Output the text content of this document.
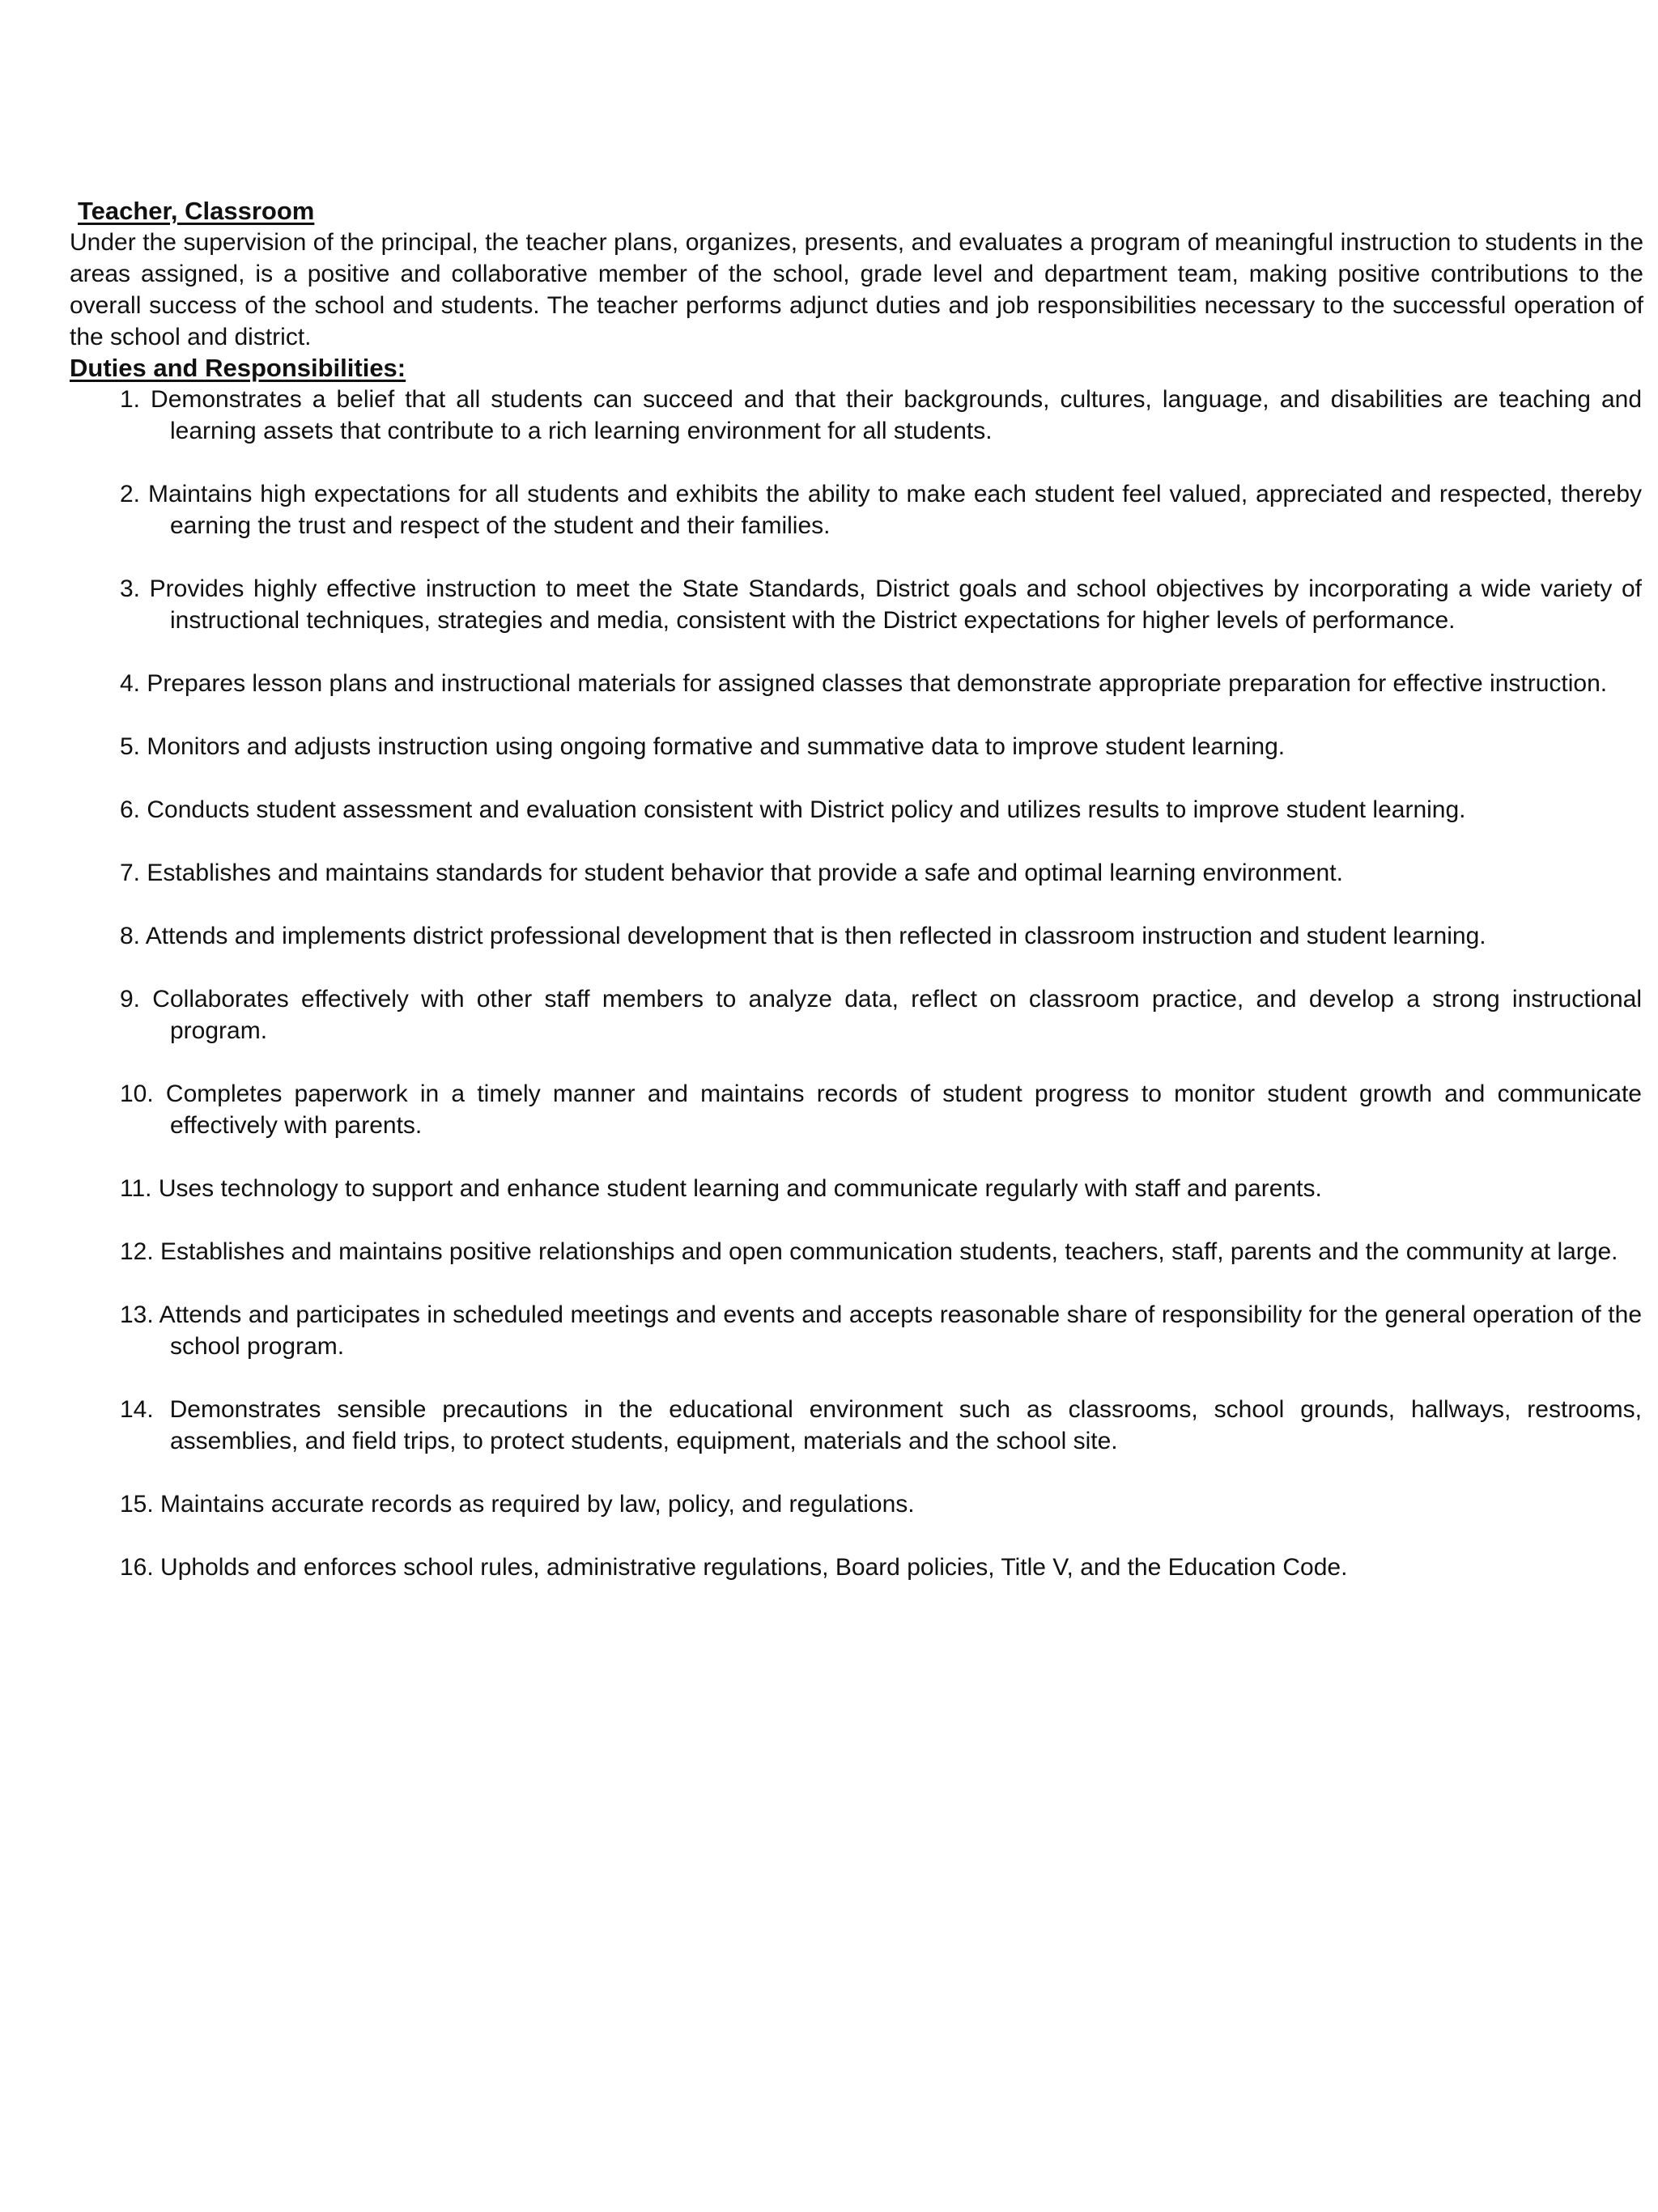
Teacher, Classroom
Under the supervision of the principal, the teacher plans, organizes, presents, and evaluates a program of meaningful instruction to students in the areas assigned, is a positive and collaborative member of the school, grade level and department team, making positive contributions to the overall success of the school and students. The teacher performs adjunct duties and job responsibilities necessary to the successful operation of the school and district.
Duties and Responsibilities:
1. Demonstrates a belief that all students can succeed and that their backgrounds, cultures, language, and disabilities are teaching and learning assets that contribute to a rich learning environment for all students.
2. Maintains high expectations for all students and exhibits the ability to make each student feel valued, appreciated and respected, thereby earning the trust and respect of the student and their families.
3. Provides highly effective instruction to meet the State Standards, District goals and school objectives by incorporating a wide variety of instructional techniques, strategies and media, consistent with the District expectations for higher levels of performance.
4. Prepares lesson plans and instructional materials for assigned classes that demonstrate appropriate preparation for effective instruction.
5. Monitors and adjusts instruction using ongoing formative and summative data to improve student learning.
6. Conducts student assessment and evaluation consistent with District policy and utilizes results to improve student learning.
7. Establishes and maintains standards for student behavior that provide a safe and optimal learning environment.
8. Attends and implements district professional development that is then reflected in classroom instruction and student learning.
9. Collaborates effectively with other staff members to analyze data, reflect on classroom practice, and develop a strong instructional program.
10. Completes paperwork in a timely manner and maintains records of student progress to monitor student growth and communicate effectively with parents.
11. Uses technology to support and enhance student learning and communicate regularly with staff and parents.
12. Establishes and maintains positive relationships and open communication students, teachers, staff, parents and the community at large.
13. Attends and participates in scheduled meetings and events and accepts reasonable share of responsibility for the general operation of the school program.
14. Demonstrates sensible precautions in the educational environment such as classrooms, school grounds, hallways, restrooms, assemblies, and field trips, to protect students, equipment, materials and the school site.
15. Maintains accurate records as required by law, policy, and regulations.
16. Upholds and enforces school rules, administrative regulations, Board policies, Title V, and the Education Code.
